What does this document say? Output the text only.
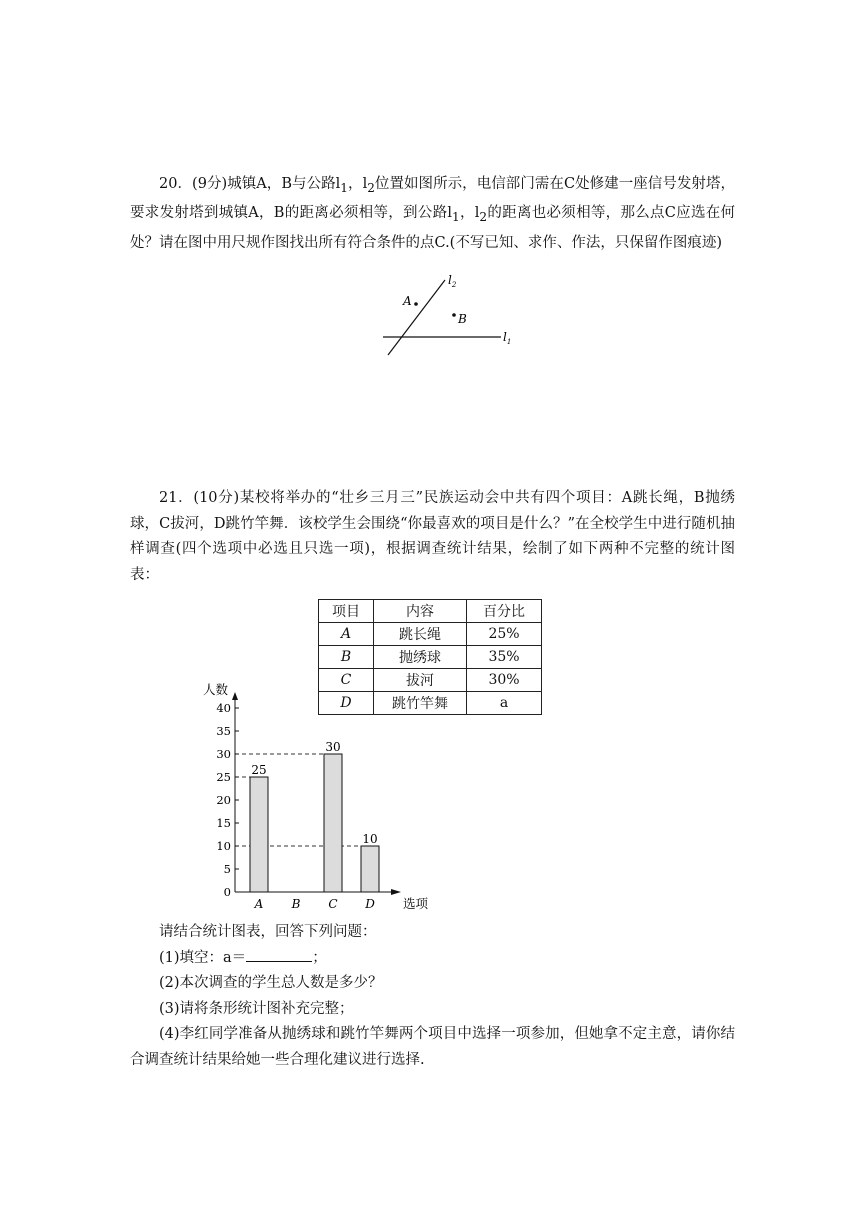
20．(9分)城镇A，B与公路$l_1$，$l_2$位置如图所示，电信部门需在C处修建一座信号发射塔，要求发射塔到城镇A，B的距离必须相等，到公路$l_1$，$l_2$的距离也必须相等，那么点C应选在何处？请在图中用尺规作图找出所有符合条件的点C.(不写已知、求作、作法，只保留作图痕迹)

A
B
$l_1$
$l_2$

21．(10分)某校将举办的“壮乡三月三”民族运动会中共有四个项目：A跳长绳，B抛绣球，C拔河，D跳竹竿舞．该校学生会围绕“你最喜欢的项目是什么？”在全校学生中进行随机抽样调查(四个选项中必选且只选一项)，根据调查统计结果，绘制了如下两种不完整的统计图表：

项目	内容	百分比
A	跳长绳	25%
B	抛绣球	35%
C	拔河	30%
D	跳竹竿舞	a
0
5
10
15
20
25
30
35
40
人数
选项
25
A B
30
C
10
D

请结合统计图表，回答下列问题：

(1)填空：a＝	；

(2)本次调查的学生总人数是多少？

(3)请将条形统计图补充完整；

(4)李红同学准备从抛绣球和跳竹竿舞两个项目中选择一项参加，但她拿不定主意，请你结合调查统计结果给她一些合理化建议进行选择.
